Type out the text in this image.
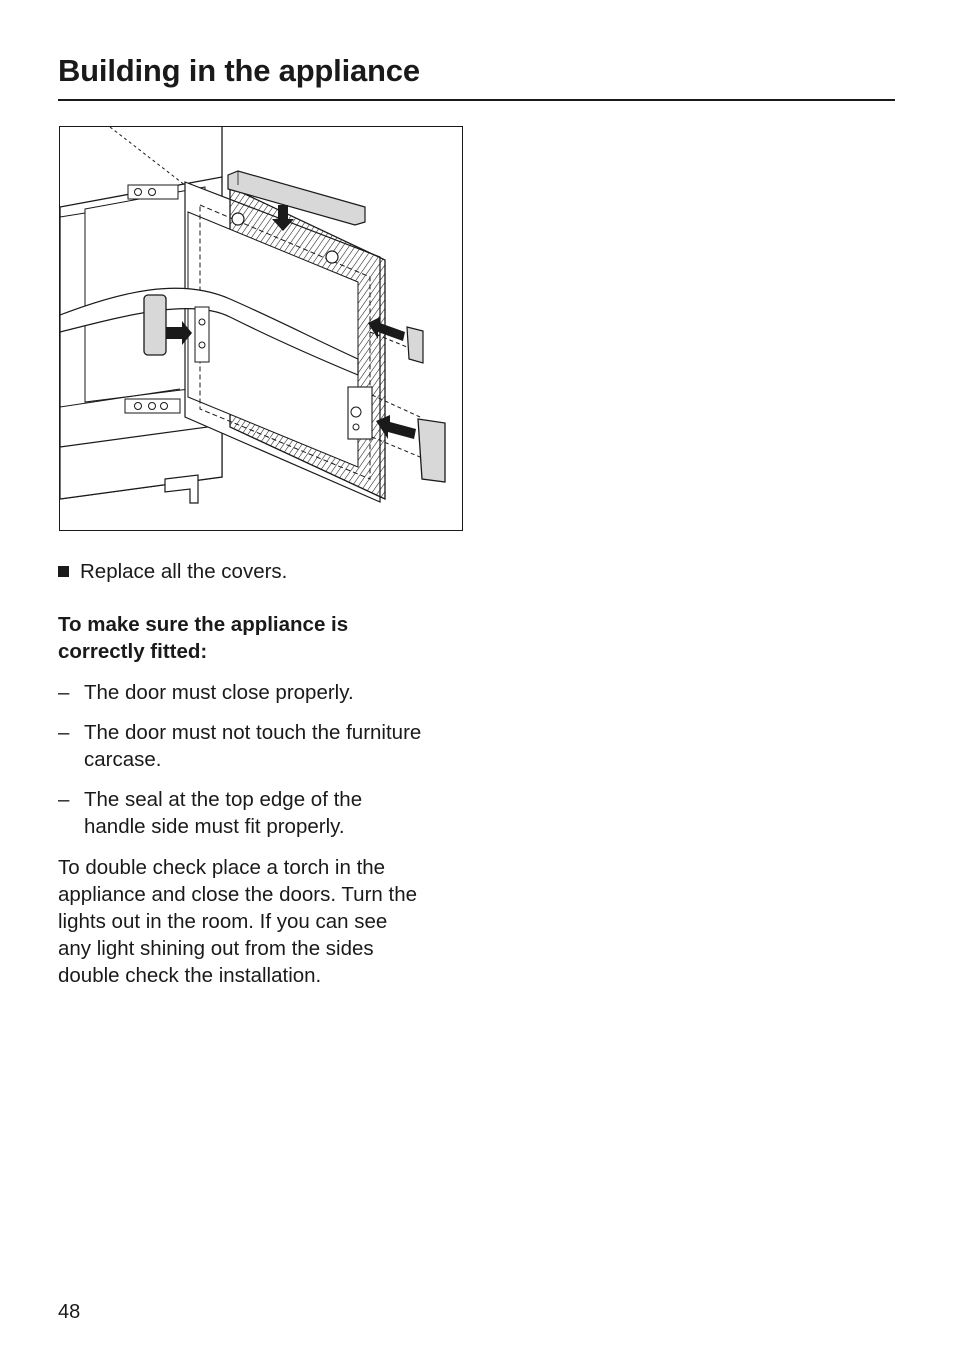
Building in the appliance
Replace all the covers.
To make sure the appliance is
correctly fitted:
– The door must close properly.
– The door must not touch the furniture
carcase.
– The seal at the top edge of the
handle side must fit properly.
To double check place a torch in the
appliance and close the doors. Turn the
lights out in the room. If you can see
any light shining out from the sides
double check the installation.
48
